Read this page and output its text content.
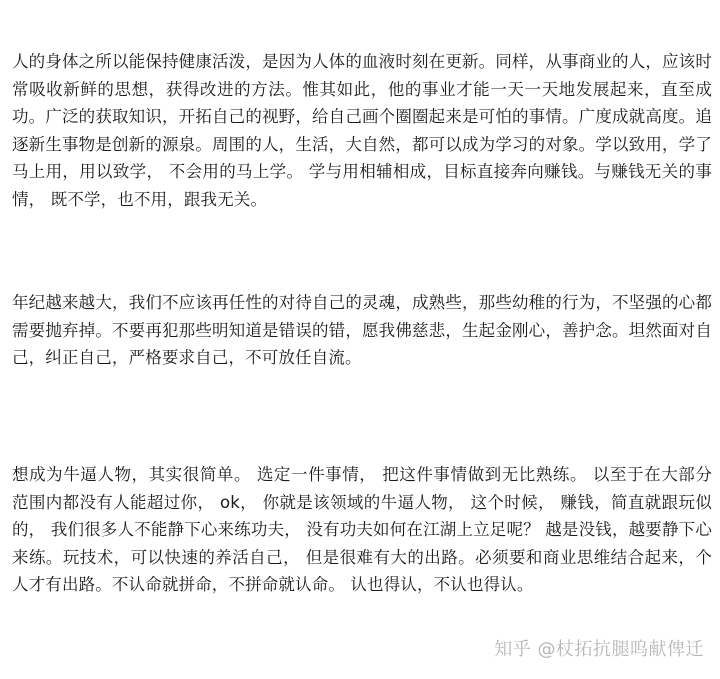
人的身体之所以能保持健康活泼，是因为人体的血液时刻在更新。同样，从事商业的人，应该时常吸收新鲜的思想，获得改进的方法。惟其如此，他的事业才能一天一天地发展起来，直至成功。广泛的获取知识，开拓自己的视野，给自己画个圈圈起来是可怕的事情。广度成就高度。追逐新生事物是创新的源泉。周围的人，生活，大自然，都可以成为学习的对象。学以致用，学了马上用，用以致学， 不会用的马上学。 学与用相辅相成，目标直接奔向赚钱。与赚钱无关的事情， 既不学，也不用，跟我无关。

年纪越来越大，我们不应该再任性的对待自己的灵魂，成熟些，那些幼稚的行为，不坚强的心都需要抛弃掉。不要再犯那些明知道是错误的错，愿我佛慈悲，生起金刚心，善护念。坦然面对自己，纠正自己，严格要求自己，不可放任自流。

想成为牛逼人物，其实很简单。 选定一件事情， 把这件事情做到无比熟练。 以至于在大部分 范围内都没有人能超过你， ok， 你就是该领域的牛逼人物， 这个时候， 赚钱，简直就跟玩似的， 我们很多人不能静下心来练功夫， 没有功夫如何在江湖上立足呢？ 越是没钱，越要静下心来练。玩技术，可以快速的养活自己， 但是很难有大的出路。必须要和商业思维结合起来，个人才有出路。不认命就拼命，不拼命就认命。 认也得认，不认也得认。

知乎 @杖拓抗腿呜献俾迁
